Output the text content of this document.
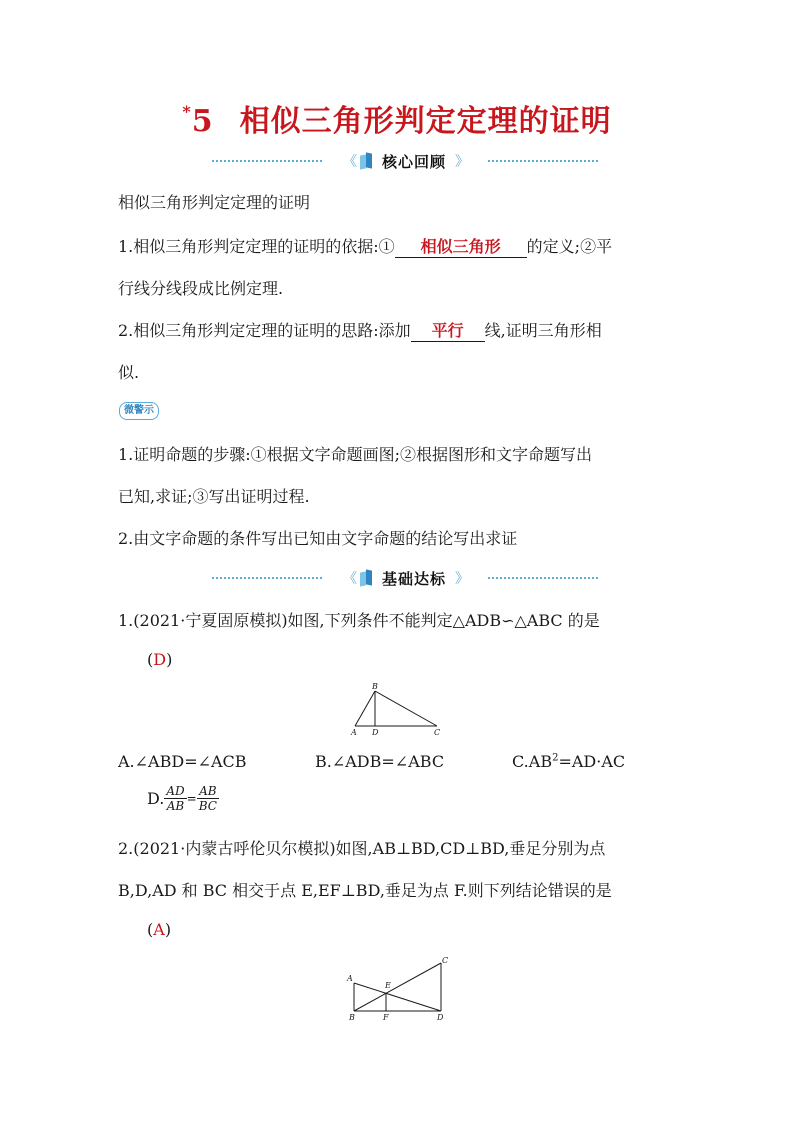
*5 相似三角形判定定理的证明
《 核心回顾 》
相似三角形判定定理的证明
1.相似三角形判定定理的证明的依据:① 相似三角形 的定义;②平
行线分线段成比例定理.
2.相似三角形判定定理的证明的思路:添加 平行 线,证明三角形相
似.
微警示
1.证明命题的步骤:①根据文字命题画图;②根据图形和文字命题写出
已知,求证;③写出证明过程.
2.由文字命题的条件写出已知由文字命题的结论写出求证
《 基础达标 》
1.(2021·宁夏固原模拟)如图,下列条件不能判定△ADB∽△ABC 的是
(D)
B
A D	C
A.∠ABD=∠ACB	B.∠ADB=∠ABC	$C.AB^2=AD\cdot AC$
D. $\frac{AD}{AB} = \frac{AB}{BC}$
2.(2021·内蒙古呼伦贝尔模拟)如图,AB⊥BD,CD⊥BD,垂足分别为点
B,D,AD 和 BC 相交于点 E,EF⊥BD,垂足为点 F.则下列结论错误的是
(A)
A
C
E
B	F	D
